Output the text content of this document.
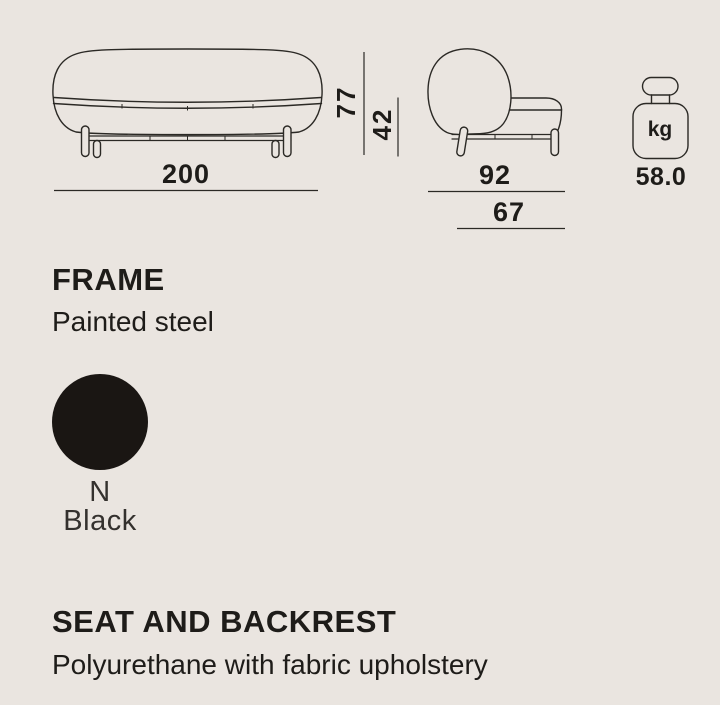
200
77
42
92
67
kg
58.0
FRAME

Painted steel

N
Black
SEAT AND BACKREST

Polyurethane with fabric upholstery
